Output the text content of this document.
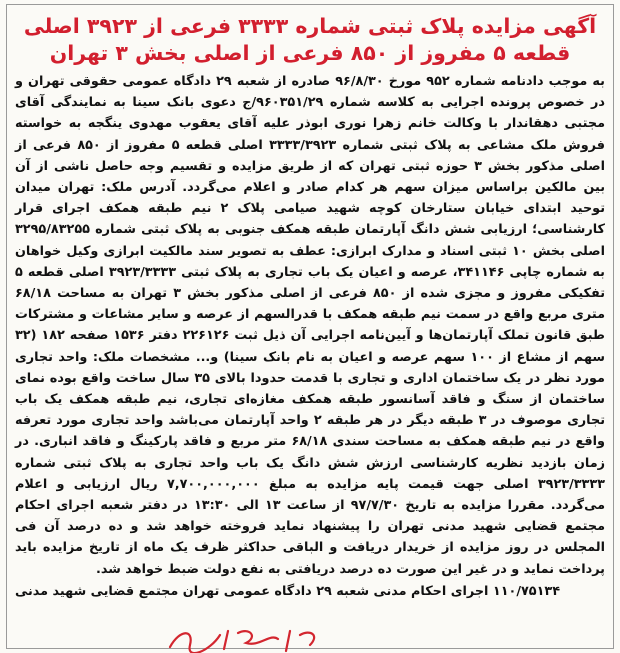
آگهی مزایده پلاک ثبتی شماره ۳۳۳۳ فرعی از ۳۹۲۳ اصلی
قطعه ۵ مفروز از ۸۵۰ فرعی از اصلی بخش ۳ تهران
به موجب دادنامه شماره ۹۵۲ مورخ ۹۶/۸/۳۰ صادره از شعبه ۲۹ دادگاه عمومی حقوقی تهران و در خصوص پرونده اجرایی به کلاسه شماره ۹۶۰۳۵۱/۲۹/ج دعوی بانک سینا به نمایندگی آقای مجتبی دهقاندار با وکالت خانم زهرا نوری ابوذر علیه آقای یعقوب مهدوی ینگجه به خواسته فروش ملک مشاعی به پلاک ثبتی شماره ۳۳۳۳/۳۹۲۳ اصلی قطعه ۵ مفروز از ۸۵۰ فرعی از اصلی مذکور بخش ۳ حوزه ثبتی تهران که از طریق مزایده و تقسیم وجه حاصل ناشی از آن بین مالکین براساس میزان سهم هر کدام صادر و اعلام می‌گردد. آدرس ملک: تهران میدان توحید ابتدای خیابان ستارخان کوچه شهید صیامی پلاک ۲ نیم طبقه همکف اجرای قرار کارشناسی؛ ارزیابی شش دانگ آپارتمان طبقه همکف جنوبی به پلاک ثبتی شماره ۳۲۹۵/۸۳۲۵۵ اصلی بخش ۱۰ ثبتی اسناد و مدارک ابرازی: عطف به تصویر سند مالکیت ابرازی وکیل خواهان به شماره چاپی ۳۴۱۱۴۶، عرصه و اعیان یک باب تجاری به پلاک ثبتی ۳۹۲۳/۳۳۳۳ اصلی قطعه ۵ تفکیکی مفروز و مجزی شده از ۸۵۰ فرعی از اصلی مذکور بخش ۳ تهران به مساحت ۶۸/۱۸ متری مربع واقع در سمت نیم طبقه همکف با قدرالسهم از عرصه و سایر مشاعات و مشترکات طبق قانون تملک آپارتمان‌ها و آیین‌نامه اجرایی آن ذیل ثبت ۲۲۶۱۲۶ دفتر ۱۵۳۶ صفحه ۱۸۲ (۳۲ سهم از مشاع از ۱۰۰ سهم عرصه و اعیان به نام بانک سینا) و... مشخصات ملک: واحد تجاری مورد نظر در یک ساختمان اداری و تجاری با قدمت حدودا بالای ۳۵ سال ساخت واقع بوده نمای ساختمان از سنگ و فاقد آسانسور طبقه همکف مغازه‌ای تجاری، نیم طبقه همکف یک باب تجاری موصوف در ۳ طبقه دیگر در هر طبقه ۲ واحد آپارتمان می‌باشد واحد تجاری مورد تعرفه واقع در نیم طبقه همکف به مساحت سندی ۶۸/۱۸ متر مربع و فاقد پارکینگ و فاقد انباری. در زمان بازدید نظریه کارشناسی ارزش شش دانگ یک باب واحد تجاری به پلاک ثبتی شماره ۳۹۲۳/۳۳۳۳ اصلی جهت قیمت پایه مزایده به مبلغ ۷,۷۰۰,۰۰۰,۰۰۰ ریال ارزیابی و اعلام می‌گردد. مقررا مزایده به تاریخ ۹۷/۷/۳۰ از ساعت ۱۳ الی ۱۳:۳۰ در دفتر شعبه اجرای احکام مجتمع قضایی شهید مدنی تهران را پیشنهاد نماید فروخته خواهد شد و ده درصد آن فی المجلس در روز مزایده از خریدار دریافت و الباقی حداکثر ظرف یک ماه از تاریخ مزایده باید پرداخت نماید و در غیر این صورت ده درصد دریافتی به نفع دولت ضبط خواهد شد.
۱۱۰/۷۵۱۳۴ اجرای احکام مدنی شعبه ۲۹ دادگاه عمومی تهران مجتمع قضایی شهید مدنی
